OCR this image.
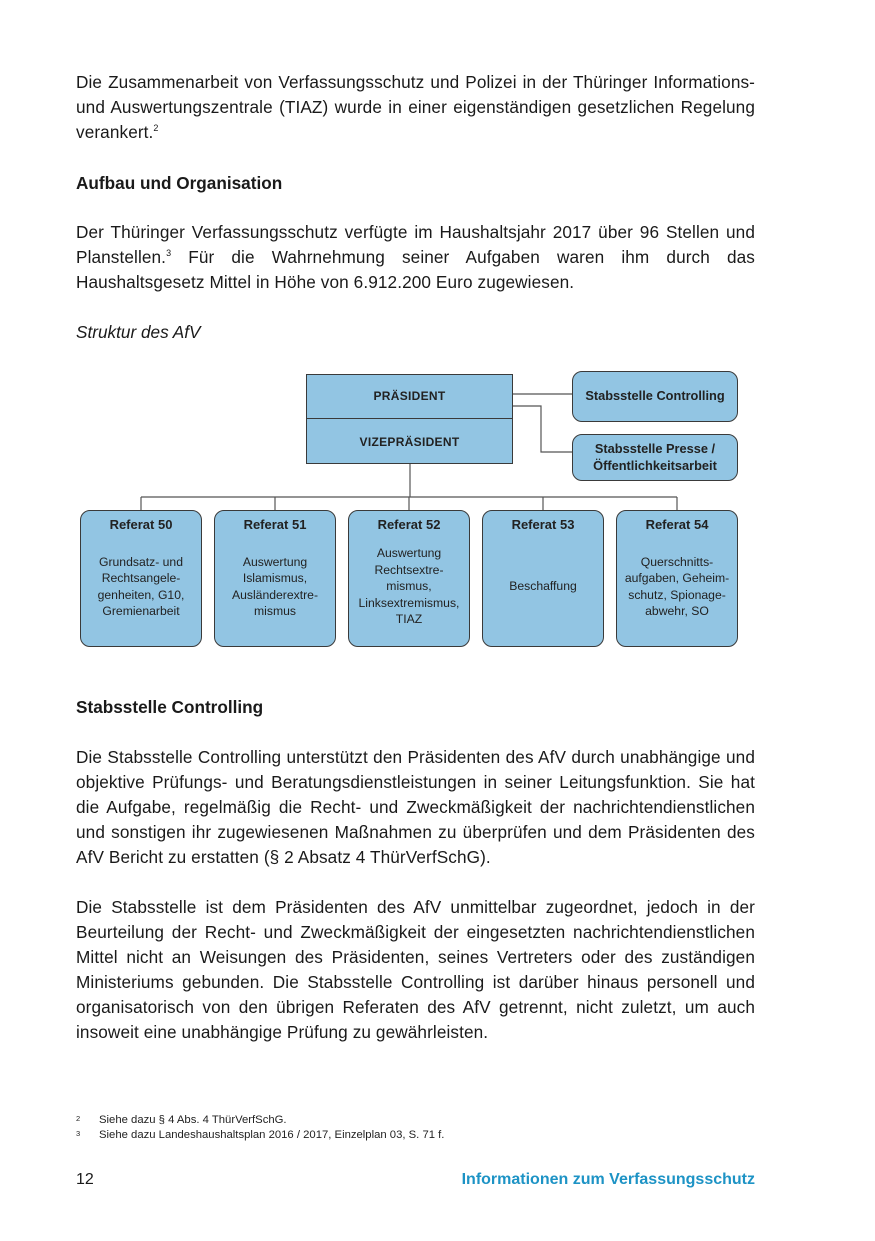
Die Zusammenarbeit von Verfassungsschutz und Polizei in der Thüringer Informations- und Auswertungszentrale (TIAZ) wurde in einer eigenständigen gesetzlichen Regelung verankert.$^2$

Aufbau und Organisation

Der Thüringer Verfassungsschutz verfügte im Haushaltsjahr 2017 über 96 Stellen und Planstellen.$^3$ Für die Wahrnehmung seiner Aufgaben waren ihm durch das Haushaltsgesetz Mittel in Höhe von 6.912.200 Euro zugewiesen.

Struktur des AfV

PRÄSIDENT
VIZEPRÄSIDENT
Stabsstelle Controlling
Stabsstelle Presse /
Öffentlichkeitsarbeit
Referat 50
Grundsatz- und
Rechtsangele-
genheiten, G10,
Gremienarbeit
Referat 51
Auswertung
Islamismus,
Ausländerextre-
mismus
Referat 52
Auswertung
Rechtsextre-
mismus,
Linksextremismus,
TIAZ
Referat 53
Beschaffung
Referat 54
Querschnitts-
aufgaben, Geheim-
schutz, Spionage-
abwehr, SO
Stabsstelle Controlling

Die Stabsstelle Controlling unterstützt den Präsidenten des AfV durch unabhängige und objektive Prüfungs- und Beratungsdienstleistungen in seiner Leitungsfunktion. Sie hat die Aufgabe, regelmäßig die Recht- und Zweckmäßigkeit der nachrichtendienstlichen und sonstigen ihr zugewiesenen Maßnahmen zu überprüfen und dem Präsidenten des AfV Bericht zu erstatten (§ 2 Absatz 4 ThürVerfSchG).

Die Stabsstelle ist dem Präsidenten des AfV unmittelbar zugeordnet, jedoch in der Beurteilung der Recht- und Zweckmäßigkeit der eingesetzten nachrichtendienstlichen Mittel nicht an Weisungen des Präsidenten, seines Vertreters oder des zuständigen Ministeriums gebunden. Die Stabsstelle Controlling ist darüber hinaus personell und organisatorisch von den übrigen Referaten des AfV getrennt, nicht zuletzt, um auch insoweit eine unabhängige Prüfung zu gewährleisten.

2 Siehe dazu § 4 Abs. 4 ThürVerfSchG.
3 Siehe dazu Landeshaushaltsplan 2016 / 2017, Einzelplan 03, S. 71 f.
12	Informationen zum Verfassungsschutz
